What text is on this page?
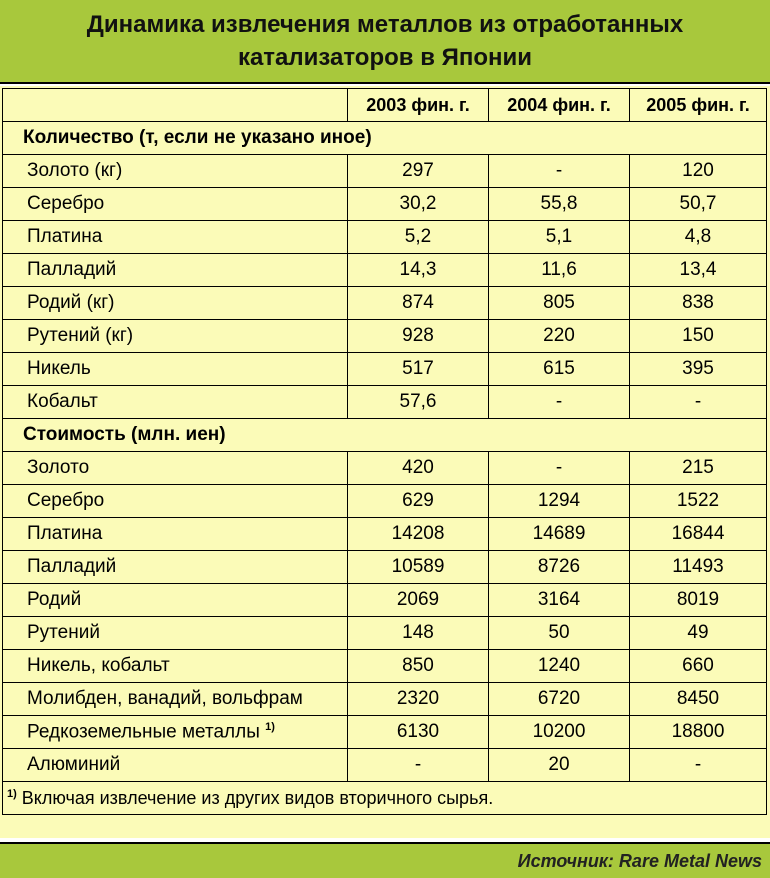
Динамика извлечения металлов из отработанных
катализаторов в Японии
	2003 фин. г.	2004 фин. г.	2005 фин. г.
Количество (т, если не указано иное)			
Золото (кг)	297	-	120
Серебро	30,2	55,8	50,7
Платина	5,2	5,1	4,8
Палладий	14,3	11,6	13,4
Родий (кг)	874	805	838
Рутений (кг)	928	220	150
Никель	517	615	395
Кобальт	57,6	-	-
Стоимость (млн. иен)			
Золото	420	-	215
Серебро	629	1294	1522
Платина	14208	14689	16844
Палладий	10589	8726	11493
Родий	2069	3164	8019
Рутений	148	50	49
Никель, кобальт	850	1240	660
Молибден, ванадий, вольфрам	2320	6720	8450
Редкоземельные металлы $^{1)}$	6130	10200	18800
Алюминий	-	20	-
$^{1)}$ Включая извлечение из других видов вторичного сырья.			
Источник: Rare Metal News
